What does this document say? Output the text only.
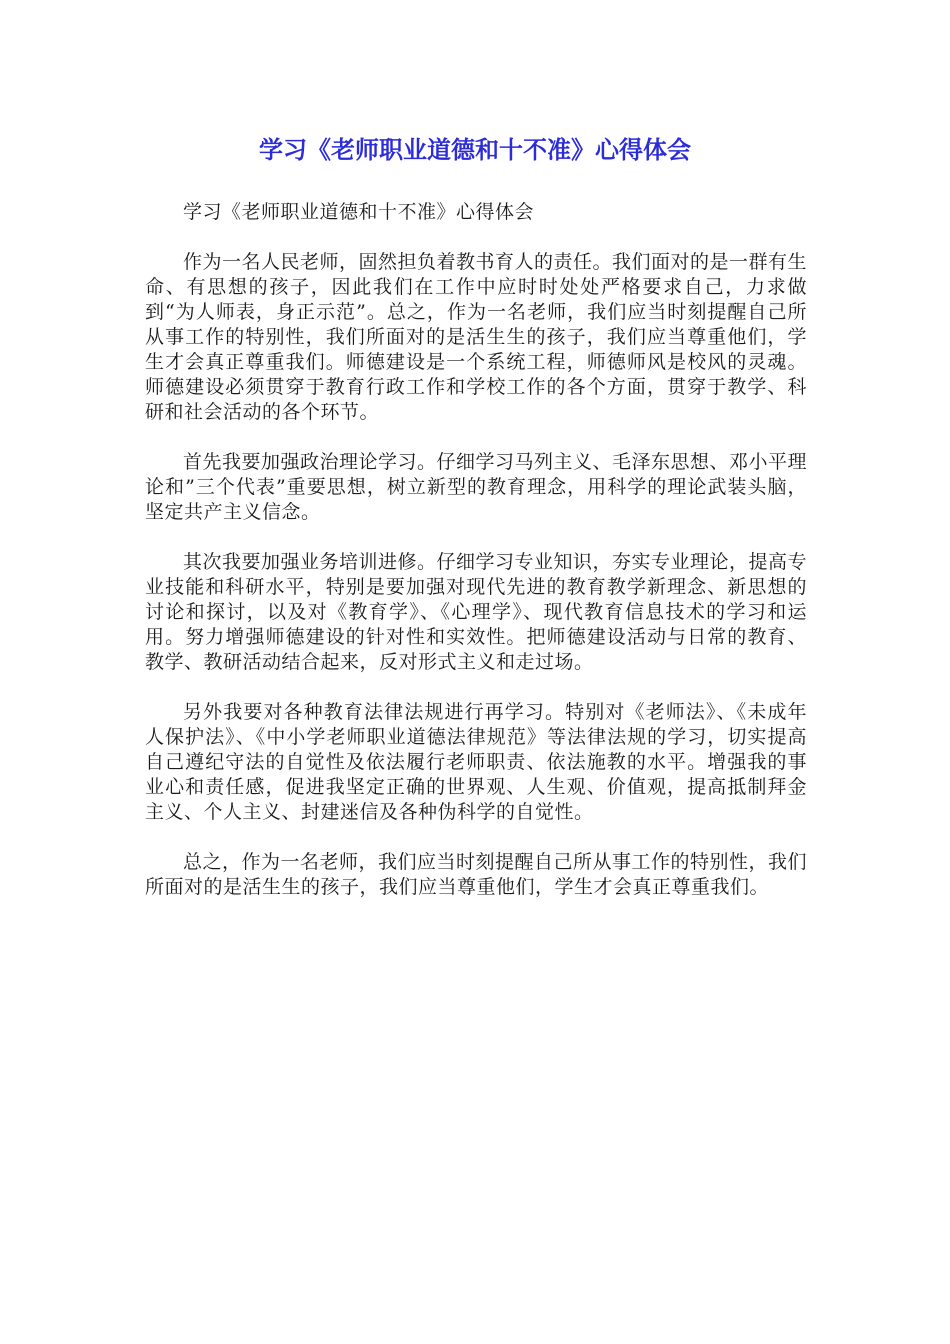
学习《老师职业道德和十不准》心得体会

学习《老师职业道德和十不准》心得体会

作为一名人民老师，固然担负着教书育人的责任。我们面对的是一群有生命、有思想的孩子，因此我们在工作中应时时处处严格要求自己，力求做到“为人师表，身正示范”。总之，作为一名老师，我们应当时刻提醒自己所从事工作的特别性，我们所面对的是活生生的孩子，我们应当尊重他们，学生才会真正尊重我们。师德建设是一个系统工程，师德师风是校风的灵魂。师德建设必须贯穿于教育行政工作和学校工作的各个方面，贯穿于教学、科研和社会活动的各个环节。

首先我要加强政治理论学习。仔细学习马列主义、毛泽东思想、邓小平理论和”三个代表”重要思想，树立新型的教育理念，用科学的理论武装头脑，坚定共产主义信念。

其次我要加强业务培训进修。仔细学习专业知识，夯实专业理论，提高专业技能和科研水平，特别是要加强对现代先进的教育教学新理念、新思想的讨论和探讨，以及对《教育学》、《心理学》、现代教育信息技术的学习和运用。努力增强师德建设的针对性和实效性。把师德建设活动与日常的教育、教学、教研活动结合起来，反对形式主义和走过场。

另外我要对各种教育法律法规进行再学习。特别对《老师法》、《未成年人保护法》、《中小学老师职业道德法律规范》等法律法规的学习，切实提高自己遵纪守法的自觉性及依法履行老师职责、依法施教的水平。增强我的事业心和责任感，促进我坚定正确的世界观、人生观、价值观，提高抵制拜金主义、个人主义、封建迷信及各种伪科学的自觉性。

总之，作为一名老师，我们应当时刻提醒自己所从事工作的特别性，我们所面对的是活生生的孩子，我们应当尊重他们，学生才会真正尊重我们。
